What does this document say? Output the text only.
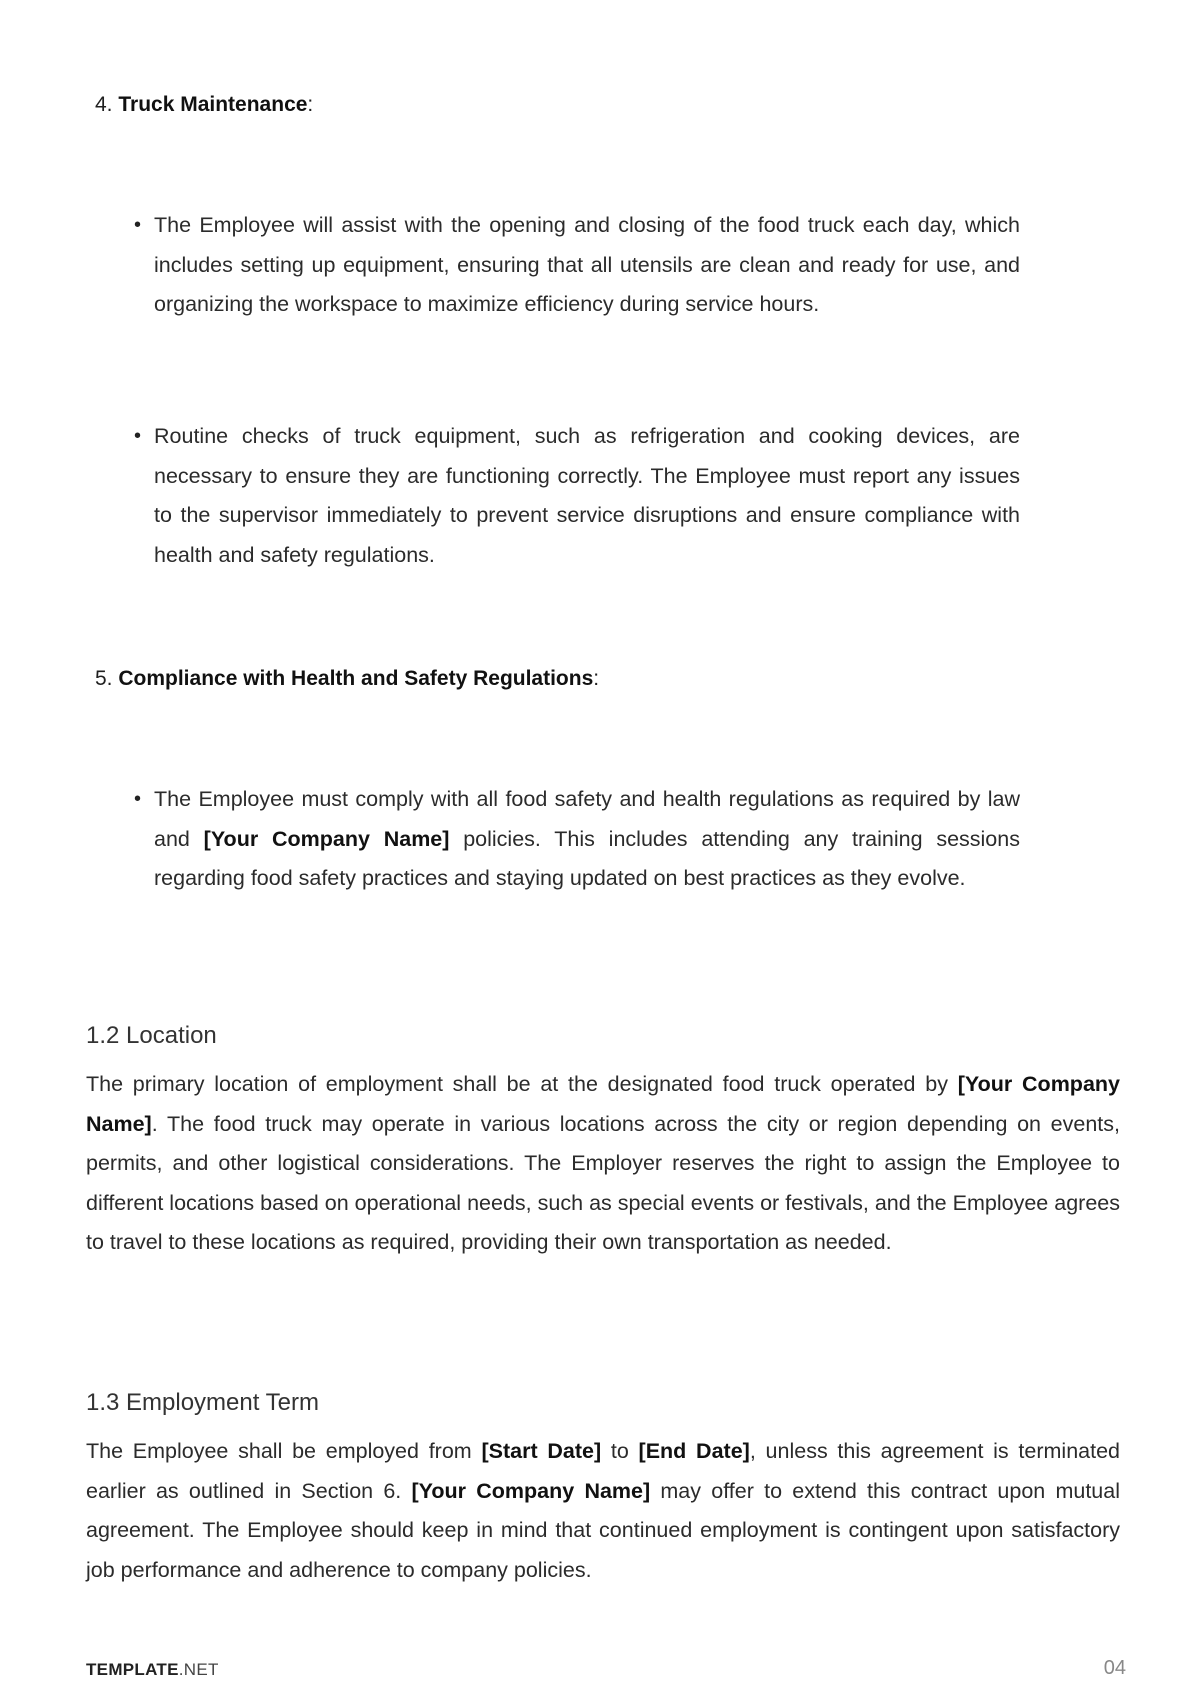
4. Truck Maintenance:
• The Employee will assist with the opening and closing of the food truck each day, which includes setting up equipment, ensuring that all utensils are clean and ready for use, and organizing the workspace to maximize efficiency during service hours.
• Routine checks of truck equipment, such as refrigeration and cooking devices, are necessary to ensure they are functioning correctly. The Employee must report any issues to the supervisor immediately to prevent service disruptions and ensure compliance with health and safety regulations.
5. Compliance with Health and Safety Regulations:
• The Employee must comply with all food safety and health regulations as required by law and [Your Company Name] policies. This includes attending any training sessions regarding food safety practices and staying updated on best practices as they evolve.
1.2 Location
The primary location of employment shall be at the designated food truck operated by [Your Company Name]. The food truck may operate in various locations across the city or region depending on events, permits, and other logistical considerations. The Employer reserves the right to assign the Employee to different locations based on operational needs, such as special events or festivals, and the Employee agrees to travel to these locations as required, providing their own transportation as needed.
1.3 Employment Term
The Employee shall be employed from [Start Date] to [End Date], unless this agreement is terminated earlier as outlined in Section 6. [Your Company Name] may offer to extend this contract upon mutual agreement. The Employee should keep in mind that continued employment is contingent upon satisfactory job performance and adherence to company policies.
TEMPLATE.NET	04
